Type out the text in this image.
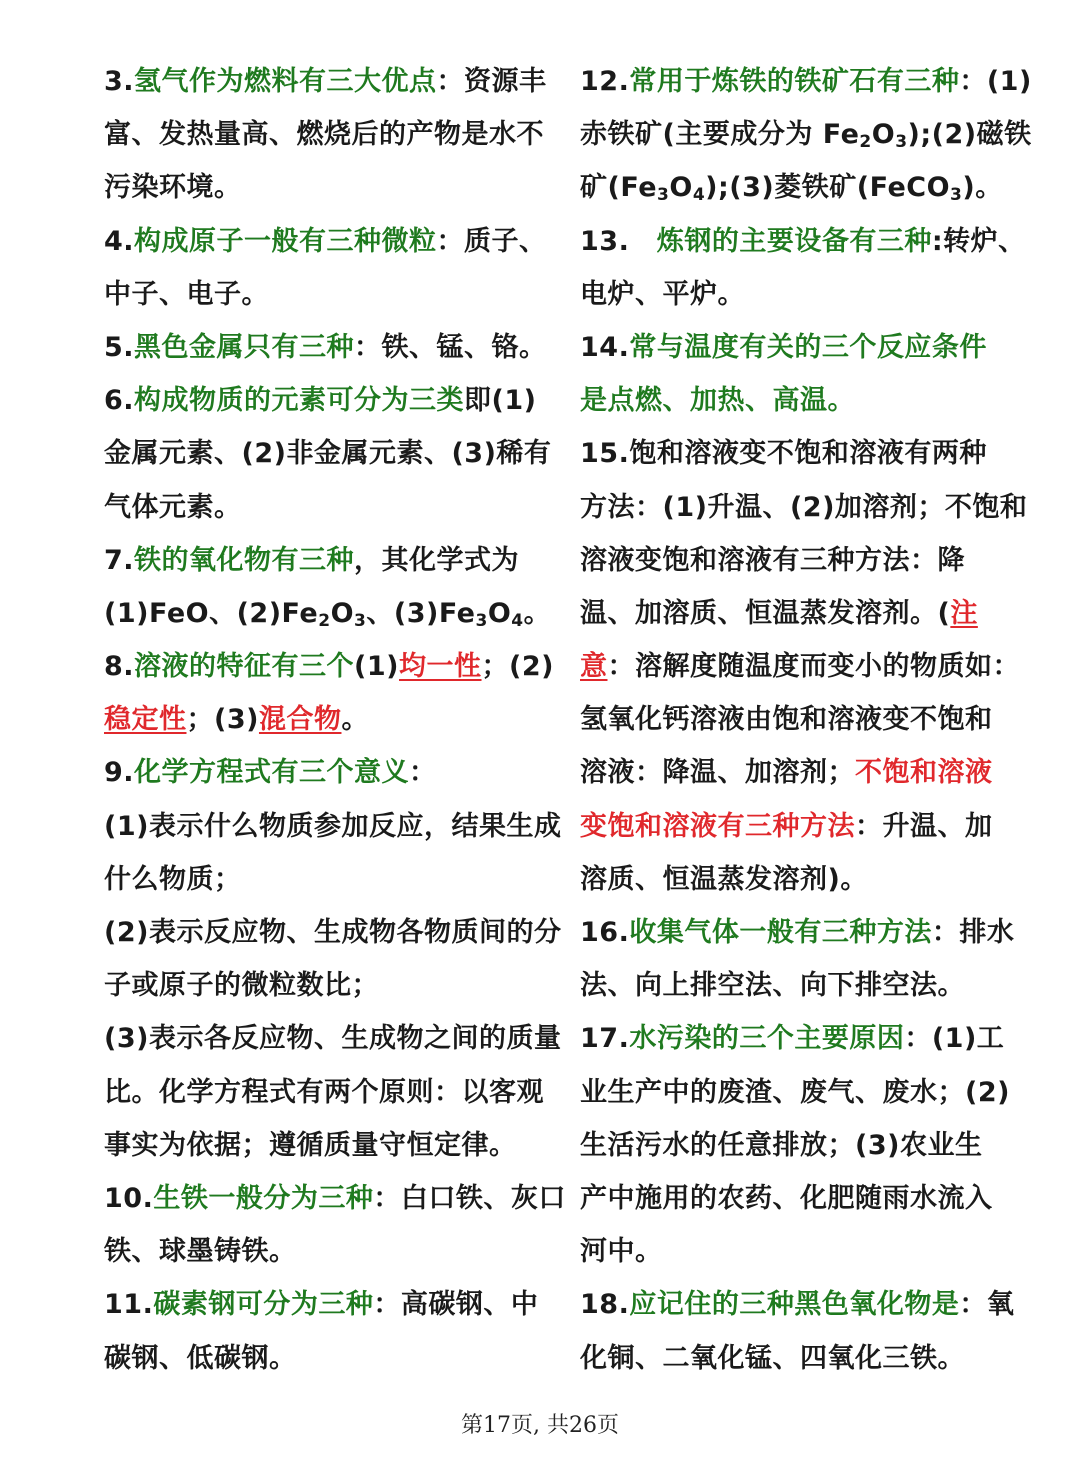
3.氢气作为燃料有三大优点：资源丰
富、发热量高、燃烧后的产物是水不
污染环境。
4.构成原子一般有三种微粒：质子、
中子、电子。
5.黑色金属只有三种：铁、锰、铬。
6.构成物质的元素可分为三类即(1)
金属元素、(2)非金属元素、(3)稀有
气体元素。
7.铁的氧化物有三种，其化学式为
(1)FeO、$(2)Fe_2O_3$、$(3)Fe_3O_4$。
8.溶液的特征有三个(1)均一性；(2)
稳定性；(3)混合物。
9.化学方程式有三个意义：
(1)表示什么物质参加反应，结果生成
什么物质；
(2)表示反应物、生成物各物质间的分
子或原子的微粒数比；
(3)表示各反应物、生成物之间的质量
比。化学方程式有两个原则：以客观
事实为依据；遵循质量守恒定律。
10.生铁一般分为三种：白口铁、灰口
铁、球墨铸铁。
11.碳素钢可分为三种：高碳钢、中
碳钢、低碳钢。
12.常用于炼铁的铁矿石有三种：(1)
赤铁矿(主要成分为 $Fe_2O_3);(2)$磁铁
矿$(Fe_3O_4);(3)$菱铁矿(FeCO$_3$)。
13.　炼钢的主要设备有三种:转炉、
电炉、平炉。
14.常与温度有关的三个反应条件
是点燃、加热、高温。
15.饱和溶液变不饱和溶液有两种
方法：(1)升温、(2)加溶剂；不饱和
溶液变饱和溶液有三种方法：降
温、加溶质、恒温蒸发溶剂。(注
意：溶解度随温度而变小的物质如：
氢氧化钙溶液由饱和溶液变不饱和
溶液：降温、加溶剂；不饱和溶液
变饱和溶液有三种方法：升温、加
溶质、恒温蒸发溶剂)。
16.收集气体一般有三种方法：排水
法、向上排空法、向下排空法。
17.水污染的三个主要原因：(1)工
业生产中的废渣、废气、废水；(2)
生活污水的任意排放；(3)农业生
产中施用的农药、化肥随雨水流入
河中。
18.应记住的三种黑色氧化物是：氧
化铜、二氧化锰、四氧化三铁。
第17页, 共26页
